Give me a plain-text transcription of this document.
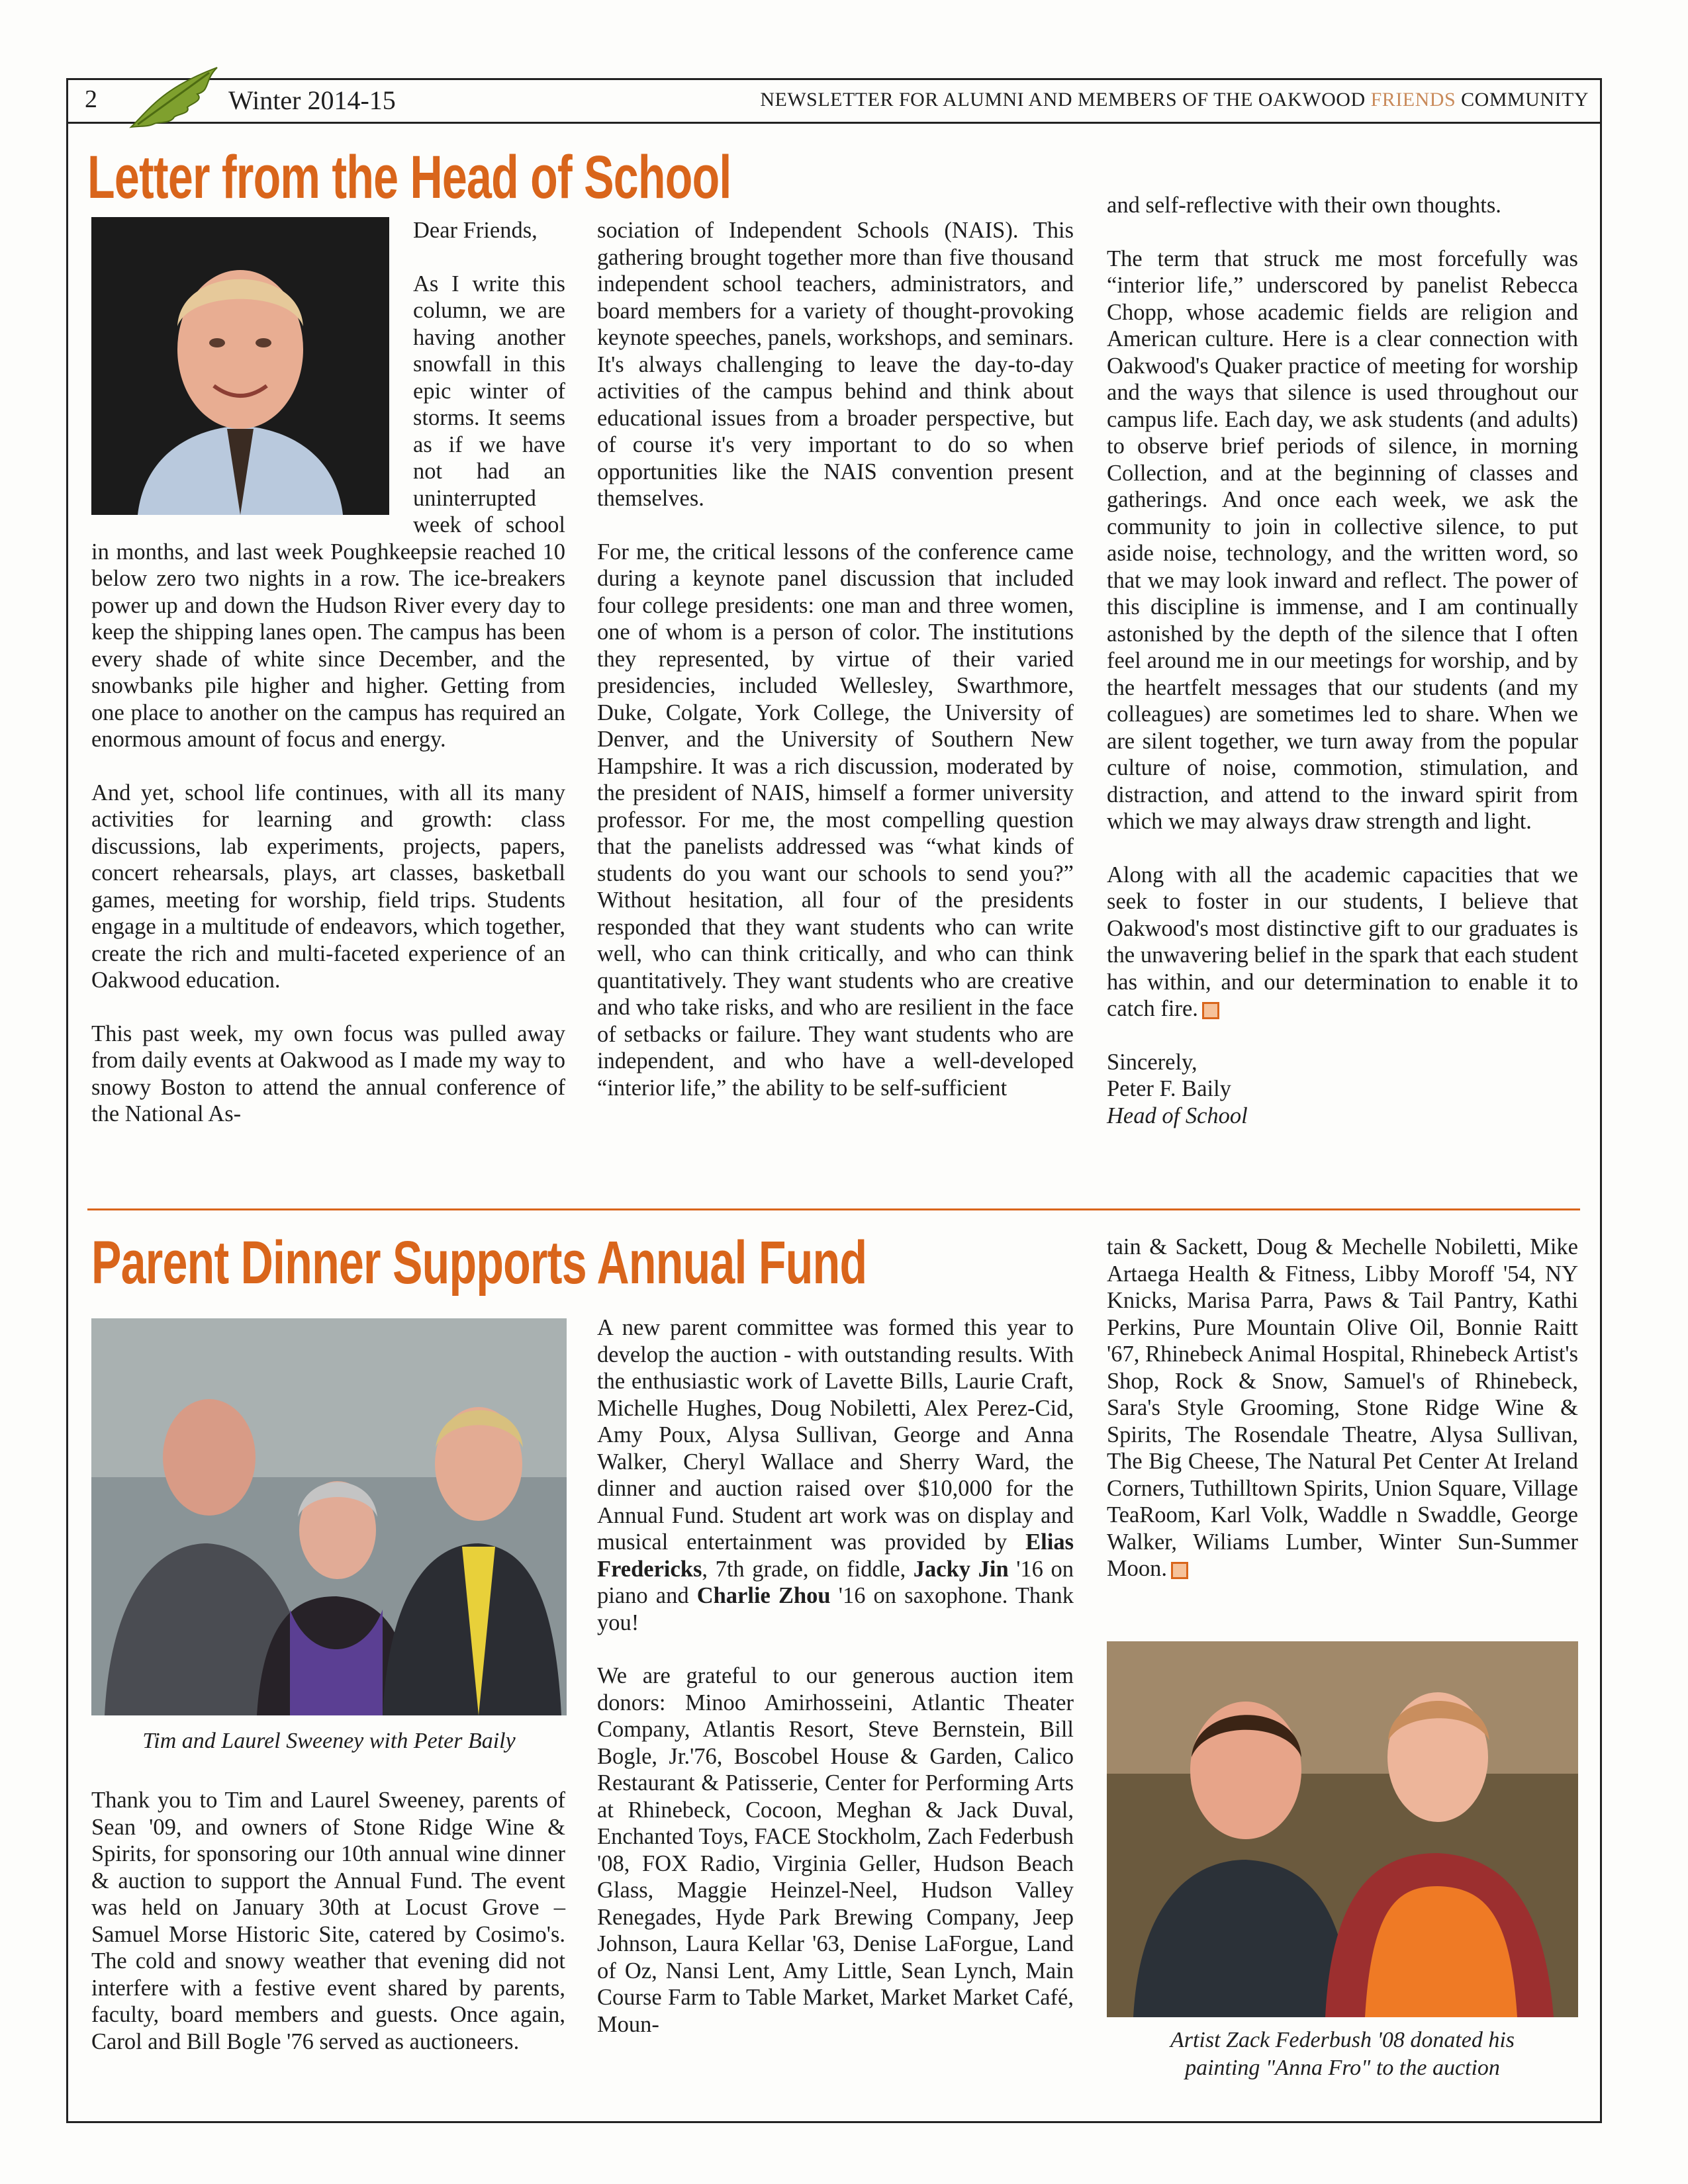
2	Winter 2014-15	NEWSLETTER FOR ALUMNI AND MEMBERS OF THE OAKWOOD FRIENDS COMMUNITY
Letter from the Head of School

Dear Friends,

As I write this column, we are having another snowfall in this epic winter of storms. It seems as if we have not had an uninterrupted week of school in months, and last week Poughkeepsie reached 10 below zero two nights in a row. The ice-breakers power up and down the Hudson River every day to keep the shipping lanes open. The campus has been every shade of white since December, and the snowbanks pile higher and higher. Getting from one place to another on the campus has required an enormous amount of focus and energy.

And yet, school life continues, with all its many activities for learning and growth: class discussions, lab experiments, projects, papers, concert rehearsals, plays, art classes, basketball games, meeting for worship, field trips. Students engage in a multitude of endeavors, which together, create the rich and multi-faceted experience of an Oakwood education.

This past week, my own focus was pulled away from daily events at Oakwood as I made my way to snowy Boston to attend the annual conference of the National As-

sociation of Independent Schools (NAIS). This gathering brought together more than five thousand independent school teachers, administrators, and board members for a variety of thought-provoking keynote speeches, panels, workshops, and seminars. It's always challenging to leave the day-to-day activities of the campus behind and think about educational issues from a broader perspective, but of course it's very important to do so when opportunities like the NAIS convention present themselves.

For me, the critical lessons of the conference came during a keynote panel discussion that included four college presidents: one man and three women, one of whom is a person of color. The institutions they represented, by virtue of their varied presidencies, included Wellesley, Swarthmore, Duke, Colgate, York College, the University of Denver, and the University of Southern New Hampshire. It was a rich discussion, moderated by the president of NAIS, himself a former university professor. For me, the most compelling question that the panelists addressed was “what kinds of students do you want our schools to send you?” Without hesitation, all four of the presidents responded that they want students who can write well, who can think critically, and who can think quantitatively. They want students who are creative and who take risks, and who are resilient in the face of setbacks or failure. They want students who are independent, and who have a well-developed “interior life,” the ability to be self-sufficient

and self-reflective with their own thoughts.

The term that struck me most forcefully was “interior life,” underscored by panelist Rebecca Chopp, whose academic fields are religion and American culture. Here is a clear connection with Oakwood's Quaker practice of meeting for worship and the ways that silence is used throughout our campus life. Each day, we ask students (and adults) to observe brief periods of silence, in morning Collection, and at the beginning of classes and gatherings. And once each week, we ask the community to join in collective silence, to put aside noise, technology, and the written word, so that we may look inward and reflect. The power of this discipline is immense, and I am continually astonished by the depth of the silence that I often feel around me in our meetings for worship, and by the heartfelt messages that our students (and my colleagues) are sometimes led to share. When we are silent together, we turn away from the popular culture of noise, commotion, stimulation, and distraction, and attend to the inward spirit from which we may always draw strength and light.

Along with all the academic capacities that we seek to foster in our students, I believe that Oakwood's most distinctive gift to our graduates is the unwavering belief in the spark that each student has within, and our determination to enable it to catch fire.

Sincerely,
Peter F. Baily
Head of School

Parent Dinner Supports Annual Fund
Tim and Laurel Sweeney with Peter Baily

Thank you to Tim and Laurel Sweeney, parents of Sean '09, and owners of Stone Ridge Wine & Spirits, for sponsoring our 10th annual wine dinner & auction to support the Annual Fund. The event was held on January 30th at Locust Grove – Samuel Morse Historic Site, catered by Cosimo's. The cold and snowy weather that evening did not interfere with a festive event shared by parents, faculty, board members and guests. Once again, Carol and Bill Bogle '76 served as auctioneers.

A new parent committee was formed this year to develop the auction - with outstanding results. With the enthusiastic work of Lavette Bills, Laurie Craft, Michelle Hughes, Doug Nobiletti, Alex Perez-Cid, Amy Poux, Alysa Sullivan, George and Anna Walker, Cheryl Wallace and Sherry Ward, the dinner and auction raised over $10,000 for the Annual Fund. Student art work was on display and musical entertainment was provided by Elias Fredericks, 7th grade, on fiddle, Jacky Jin '16 on piano and Charlie Zhou '16 on saxophone. Thank you!

We are grateful to our generous auction item donors: Minoo Amirhosseini, Atlantic Theater Company, Atlantis Resort, Steve Bernstein, Bill Bogle, Jr.'76, Boscobel House & Garden, Calico Restaurant & Patisserie, Center for Performing Arts at Rhinebeck, Cocoon, Meghan & Jack Duval, Enchanted Toys, FACE Stockholm, Zach Federbush '08, FOX Radio, Virginia Geller, Hudson Beach Glass, Maggie Heinzel-Neel, Hudson Valley Renegades, Hyde Park Brewing Company, Jeep Johnson, Laura Kellar '63, Denise LaForgue, Land of Oz, Nansi Lent, Amy Little, Sean Lynch, Main Course Farm to Table Market, Market Market Café, Moun-

tain & Sackett, Doug & Mechelle Nobiletti, Mike Artaega Health & Fitness, Libby Moroff '54, NY Knicks, Marisa Parra, Paws & Tail Pantry, Kathi Perkins, Pure Mountain Olive Oil, Bonnie Raitt '67, Rhinebeck Animal Hospital, Rhinebeck Artist's Shop, Rock & Snow, Samuel's of Rhinebeck, Sara's Style Grooming, Stone Ridge Wine & Spirits, The Rosendale Theatre, Alysa Sullivan, The Big Cheese, The Natural Pet Center At Ireland Corners, Tuthilltown Spirits, Union Square, Village TeaRoom, Karl Volk, Waddle n Swaddle, George Walker, Wiliams Lumber, Winter Sun-Summer Moon.

Artist Zack Federbush '08 donated his
painting "Anna Fro" to the auction
